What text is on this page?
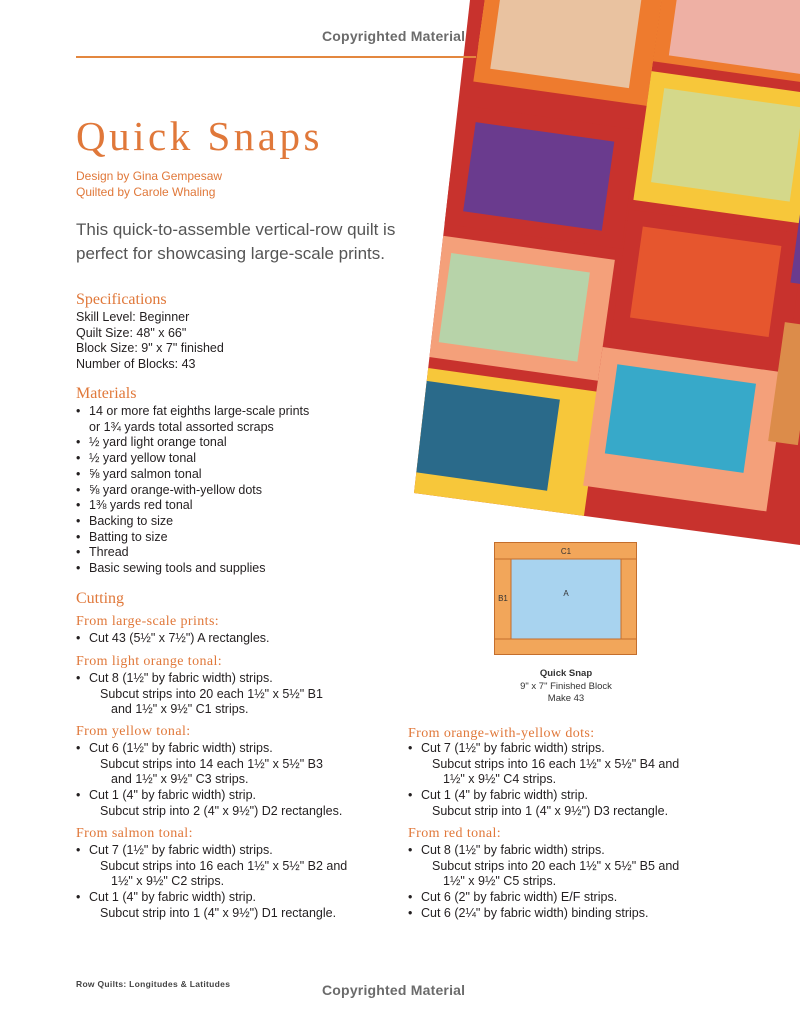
Copyrighted Material
Quick Snaps
Design by Gina Gempesaw
Quilted by Carole Whaling
This quick-to-assemble vertical-row quilt is
perfect for showcasing large-scale prints.
Specifications
Skill Level: Beginner
Quilt Size: 48" x 66"
Block Size: 9" x 7" finished
Number of Blocks: 43
Materials
• 14 or more fat eighths large-scale prints
or 1¾ yards total assorted scraps
• ½ yard light orange tonal
• ½ yard yellow tonal
• ⅝ yard salmon tonal
• ⅝ yard orange-with-yellow dots
• 1⅜ yards red tonal
• Backing to size
• Batting to size
• Thread
• Basic sewing tools and supplies
Cutting
From large-scale prints:
• Cut 43 (5½" x 7½") A rectangles.
From light orange tonal:
• Cut 8 (1½" by fabric width) strips.
Subcut strips into 20 each 1½" x 5½" B1
and 1½" x 9½" C1 strips.
From yellow tonal:
• Cut 6 (1½" by fabric width) strips.
Subcut strips into 14 each 1½" x 5½" B3
and 1½" x 9½" C3 strips.
• Cut 1 (4" by fabric width) strip.
Subcut strip into 2 (4" x 9½") D2 rectangles.
From salmon tonal:
• Cut 7 (1½" by fabric width) strips.
Subcut strips into 16 each 1½" x 5½" B2 and
1½" x 9½" C2 strips.
• Cut 1 (4" by fabric width) strip.
Subcut strip into 1 (4" x 9½") D1 rectangle.
From orange-with-yellow dots:
• Cut 7 (1½" by fabric width) strips.
Subcut strips into 16 each 1½" x 5½" B4 and
1½" x 9½" C4 strips.
• Cut 1 (4" by fabric width) strip.
Subcut strip into 1 (4" x 9½") D3 rectangle.
From red tonal:
• Cut 8 (1½" by fabric width) strips.
Subcut strips into 20 each 1½" x 5½" B5 and
1½" x 9½" C5 strips.
• Cut 6 (2" by fabric width) E/F strips.
• Cut 6 (2¼" by fabric width) binding strips.
C1
B1
A
Quick Snap
9" x 7" Finished Block
Make 43
Row Quilts: Longitudes & Latitudes	Copyrighted Material
